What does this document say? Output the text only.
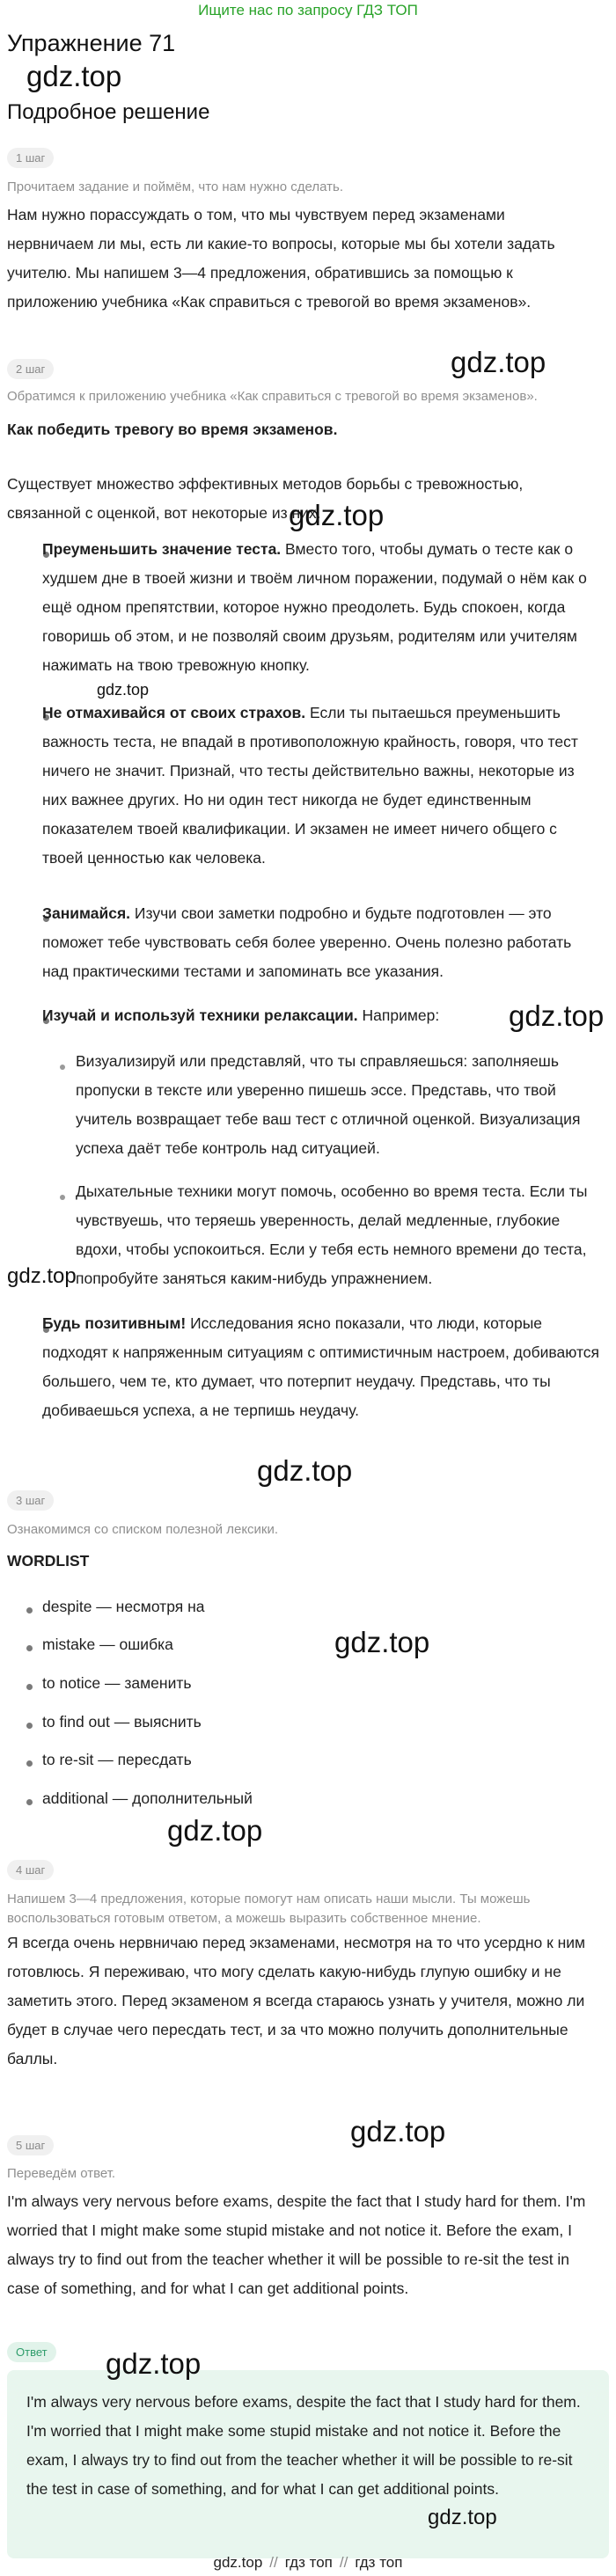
Ищите нас по запросу ГДЗ ТОП
Упражнение 71
gdz.top
Подробное решение
1 шаг
Прочитаем задание и поймём, что нам нужно сделать.
Нам нужно порассуждать о том, что мы чувствуем перед экзаменами нервничаем ли мы, есть ли какие-то вопросы, которые мы бы хотели задать учителю. Мы напишем 3—4 предложения, обратившись за помощью к приложению учебника «Как справиться с тревогой во время экзаменов».
gdz.top
2 шаг
Обратимся к приложению учебника «Как справиться с тревогой во время экзаменов».
Как победить тревогу во время экзаменов.
Существует множество эффективных методов борьбы с тревожностью, связанной с оценкой, вот некоторые из них.
gdz.top
Преуменьшить значение теста. Вместо того, чтобы думать о тесте как о худшем дне в твоей жизни и твоём личном поражении, подумай о нём как о ещё одном препятствии, которое нужно преодолеть. Будь спокоен, когда говоришь об этом, и не позволяй своим друзьям, родителям или учителям нажимать на твою тревожную кнопку.
gdz.top
Не отмахивайся от своих страхов. Если ты пытаешься преуменьшить важность теста, не впадай в противоположную крайность, говоря, что тест ничего не значит. Признай, что тесты действительно важны, некоторые из них важнее других. Но ни один тест никогда не будет единственным показателем твоей квалификации. И экзамен не имеет ничего общего с твоей ценностью как человека.
Занимайся. Изучи свои заметки подробно и будьте подготовлен — это поможет тебе чувствовать себя более уверенно. Очень полезно работать над практическими тестами и запоминать все указания.
gdz.top
Изучай и используй техники релаксации. Например:
Визуализируй или представляй, что ты справляешься: заполняешь пропуски в тексте или уверенно пишешь эссе. Представь, что твой учитель возвращает тебе ваш тест с отличной оценкой. Визуализация успеха даёт тебе контроль над ситуацией.
Дыхательные техники могут помочь, особенно во время теста. Если ты чувствуешь, что теряешь уверенность, делай медленные, глубокие вдохи, чтобы успокоиться. Если у тебя есть немного времени до теста, попробуйте заняться каким-нибудь упражнением.
gdz.top
Будь позитивным! Исследования ясно показали, что люди, которые подходят к напряженным ситуациям с оптимистичным настроем, добиваются большего, чем те, кто думает, что потерпит неудачу. Представь, что ты добиваешься успеха, а не терпишь неудачу.
gdz.top
3 шаг
Ознакомимся со списком полезной лексики.
WORDLIST
despite — несмотря на
mistake — ошибка
to notice — заменить
to find out — выяснить
to re-sit — пересдать
additional — дополнительный
gdz.top
gdz.top
4 шаг
Напишем 3—4 предложения, которые помогут нам описать наши мысли. Ты можешь воспользоваться готовым ответом, а можешь выразить собственное мнение.
Я всегда очень нервничаю перед экзаменами, несмотря на то что усердно к ним готовлюсь. Я переживаю, что могу сделать какую-нибудь глупую ошибку и не заметить этого. Перед экзаменом я всегда стараюсь узнать у учителя, можно ли будет в случае чего пересдать тест, и за что можно получить дополнительные баллы.
gdz.top
5 шаг
Переведём ответ.
I'm always very nervous before exams, despite the fact that I study hard for them. I'm worried that I might make some stupid mistake and not notice it. Before the exam, I always try to find out from the teacher whether it will be possible to re-sit the test in case of something, and for what I can get additional points.
Ответ
I'm always very nervous before exams, despite the fact that I study hard for them. I'm worried that I might make some stupid mistake and not notice it. Before the exam, I always try to find out from the teacher whether it will be possible to re-sit the test in case of something, and for what I can get additional points.
gdz.top
gdz.top
gdz.top // гдз топ // гдз топ
